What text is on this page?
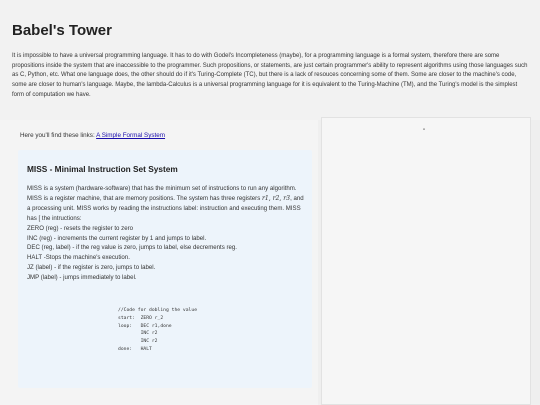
Babel's Tower
It is impossible to have a universal programming language. It has to do with Godel's Incompleteness (maybe), for a programming language is a formal system, therefore there are some propositions inside the system that are inaccessible to the programmer. Such propositions, or statements, are just certain programmer's ability to represent algorithms using those languages such as C, Python, etc. What one language does, the other should do if it's Turing-Complete (TC), but there is a lack of resouces concerning some of them. Some are closer to the machine's code, some are closer to human's language. Maybe, the lambda-Calculus is a universal programming language for it is equivalent to the Turing-Machine (TM), and the Turing's model is the simplest form of computation we have.
Here you'll find these links: A Simple Formal System
MISS - Minimal Instruction Set System
MISS is a system (hardware-software) that has the minimum set of instructions to run any algorithm. MISS is a register machine, that are memory positions. The system has three registers r1, r2, r3, and a processing unit. MISS works by reading the instructions label: instruction and executing them. MISS has [ the intructions:
ZERO (reg) - resets the register to zero
INC (reg) - increments the current register by 1 and jumps to label.
DEC (reg, label) - if the reg value is zero, jumps to label, else decrements reg.
HALT -Stops the machine's execution.
JZ (label) - if the register is zero, jumps to label.
JMP (label) - jumps immediately to label.
//Code for dobling the value
start:  ZERO r_2
loop:   DEC r1,done
INC r2
INC r2
done:   HALT
"
